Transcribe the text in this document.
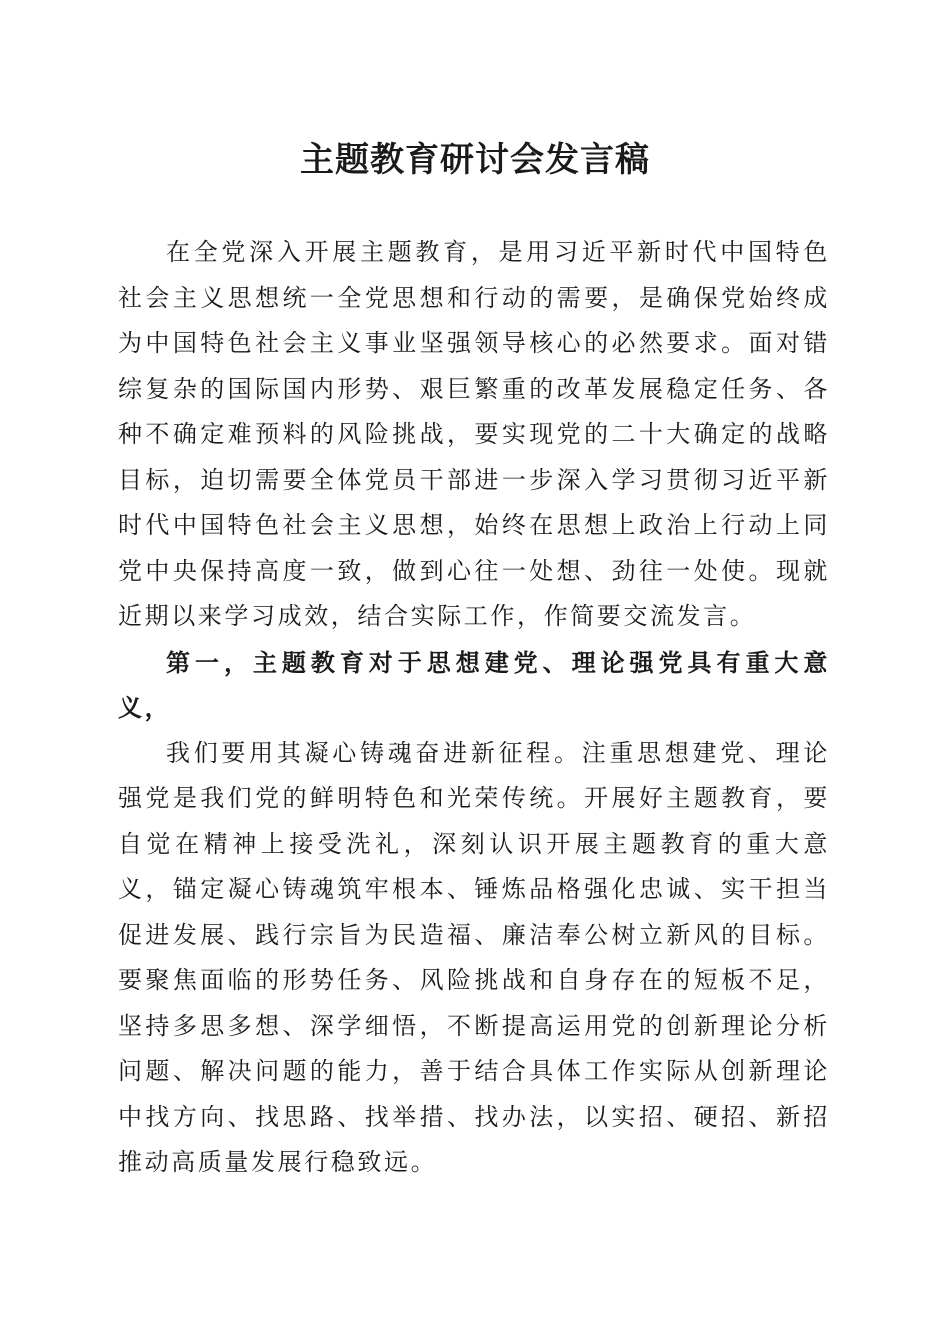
主题教育研讨会发言稿

在全党深入开展主题教育，是用习近平新时代中国特色社会主义思想统一全党思想和行动的需要，是确保党始终成为中国特色社会主义事业坚强领导核心的必然要求。面对错综复杂的国际国内形势、艰巨繁重的改革发展稳定任务、各种不确定难预料的风险挑战，要实现党的二十大确定的战略目标，迫切需要全体党员干部进一步深入学习贯彻习近平新时代中国特色社会主义思想，始终在思想上政治上行动上同党中央保持高度一致，做到心往一处想、劲往一处使。现就近期以来学习成效，结合实际工作，作简要交流发言。

第一，主题教育对于思想建党、理论强党具有重大意义，

我们要用其凝心铸魂奋进新征程。注重思想建党、理论强党是我们党的鲜明特色和光荣传统。开展好主题教育，要自觉在精神上接受洗礼，深刻认识开展主题教育的重大意义，锚定凝心铸魂筑牢根本、锤炼品格强化忠诚、实干担当促进发展、践行宗旨为民造福、廉洁奉公树立新风的目标。要聚焦面临的形势任务、风险挑战和自身存在的短板不足，坚持多思多想、深学细悟，不断提高运用党的创新理论分析问题、解决问题的能力，善于结合具体工作实际从创新理论中找方向、找思路、找举措、找办法，以实招、硬招、新招推动高质量发展行稳致远。
